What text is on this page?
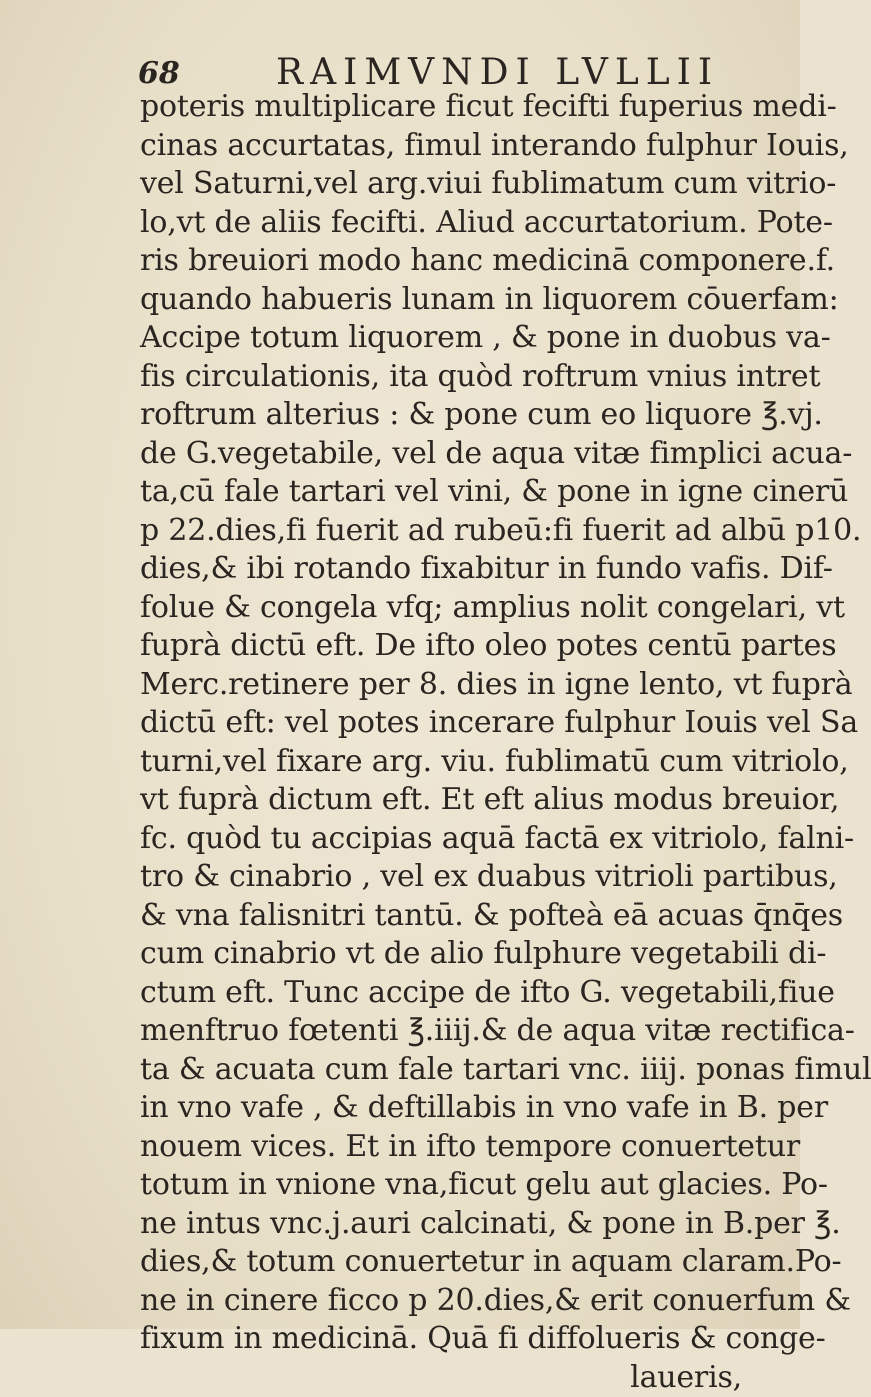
68	RAIMVNDI LVLLII
poteris multiplicare ficut fecifti fuperius medi-
cinas accurtatas, fimul interando fulphur Iouis,
vel Saturni,vel arg.viui fublimatum cum vitrio-
lo,vt de aliis fecifti. Aliud accurtatorium. Pote-
ris breuiori modo hanc medicinā componere.f.
quando habueris lunam in liquorem cōuerfam:
Accipe totum liquorem , & pone in duobus va-
fis circulationis, ita quòd roftrum vnius intret
roftrum alterius : & pone cum eo liquore ℥.vj.
de G.vegetabile, vel de aqua vitæ fimplici acua-
ta,cū fale tartari vel vini, & pone in igne cinerū
p 22.dies,fi fuerit ad rubeū:fi fuerit ad albū p10.
dies,& ibi rotando fixabitur in fundo vafis. Dif-
folue & congela vfq; amplius nolit congelari, vt
fuprà dictū eft. De ifto oleo potes centū partes
Merc.retinere per 8. dies in igne lento, vt fuprà
dictū eft: vel potes incerare fulphur Iouis vel Sa
turni,vel fixare arg. viu. fublimatū cum vitriolo,
vt fuprà dictum eft. Et eft alius modus breuior,
fc. quòd tu accipias aquā factā ex vitriolo, falni-
tro & cinabrio , vel ex duabus vitrioli partibus,
& vna falisnitri tantū. & pofteà eā acuas q̄nq̄es
cum cinabrio vt de alio fulphure vegetabili di-
ctum eft. Tunc accipe de ifto G. vegetabili,fiue
menftruo fœtenti ℥.iiij.& de aqua vitæ rectifica-
ta & acuata cum fale tartari vnc. iiij. ponas fimul
in vno vafe , & deftillabis in vno vafe in B. per
nouem vices. Et in ifto tempore conuertetur
totum in vnione vna,ficut gelu aut glacies. Po-
ne intus vnc.j.auri calcinati, & pone in B.per ℥.
dies,& totum conuertetur in aquam claram.Po-
ne in cinere ficco p 20.dies,& erit conuerfum &
fixum in medicinā. Quā fi diffolueris & conge-
laueris,
